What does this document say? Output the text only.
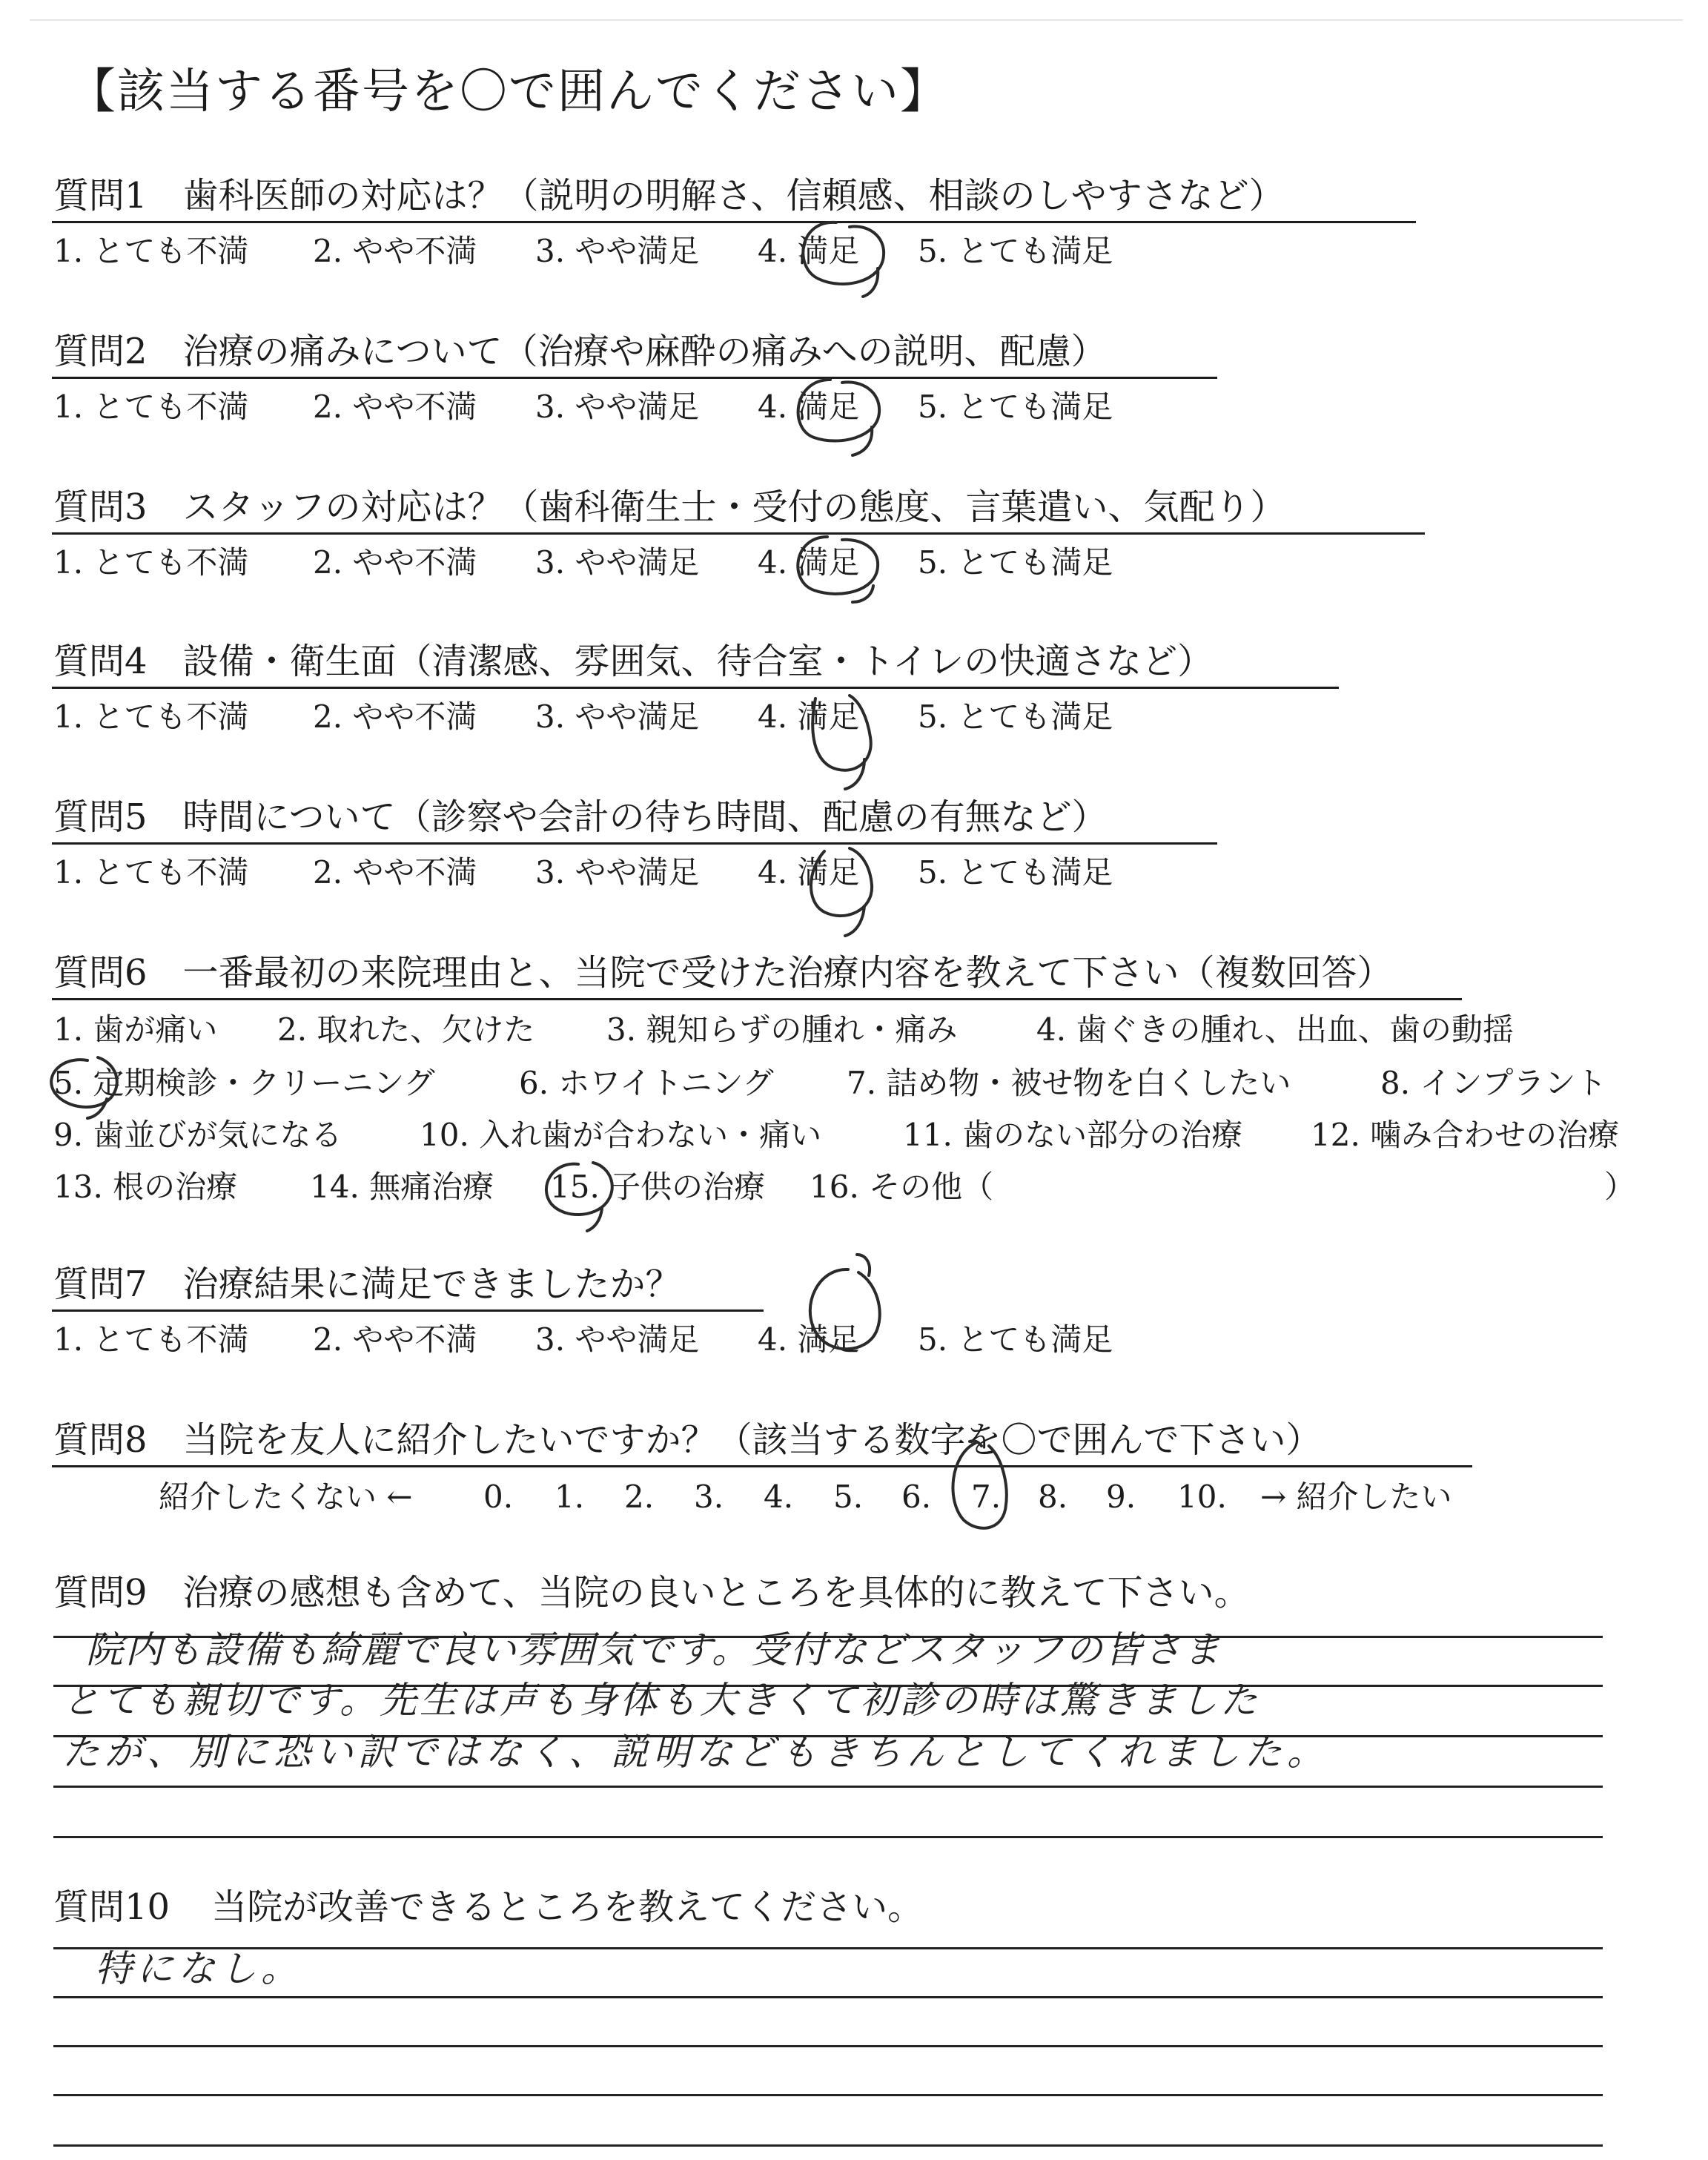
【該当する番号を〇で囲んでください】
質問1 歯科医師の対応は？（説明の明解さ、信頼感、相談のしやすさなど）
1. とても不満 2. やや不満 3. やや満足 4. 満足 5. とても満足
質問2 治療の痛みについて（治療や麻酔の痛みへの説明、配慮）
1. とても不満 2. やや不満 3. やや満足 4. 満足 5. とても満足
質問3 スタッフの対応は？（歯科衛生士・受付の態度、言葉遣い、気配り）
1. とても不満 2. やや不満 3. やや満足 4. 満足 5. とても満足
質問4 設備・衛生面（清潔感、雰囲気、待合室・トイレの快適さなど）
1. とても不満 2. やや不満 3. やや満足 4. 満足 5. とても満足
質問5 時間について（診察や会計の待ち時間、配慮の有無など）
1. とても不満 2. やや不満 3. やや満足 4. 満足 5. とても満足
質問6 一番最初の来院理由と、当院で受けた治療内容を教えて下さい（複数回答）
1. 歯が痛い 2. 取れた、欠けた 3. 親知らずの腫れ・痛み	4. 歯ぐきの腫れ、出血、歯の動揺
5. 定期検診・クリーニング	6. ホワイトニング 7. 詰め物・被せ物を白くしたい	8. インプラント
9. 歯並びが気になる 10. 入れ歯が合わない・痛い	11. 歯のない部分の治療 12. 噛み合わせの治療
13. 根の治療 14. 無痛治療 15. 子供の治療 16. その他（	）
質問7 治療結果に満足できましたか？
1. とても不満 2. やや不満 3. やや満足 4. 満足 5. とても満足
質問8 当院を友人に紹介したいですか？（該当する数字を〇で囲んで下さい）
紹介したくない ← 0. 1. 2. 3. 4. 5. 6. 7. 8. 9. 10. → 紹介したい
質問9 治療の感想も含めて、当院の良いところを具体的に教えて下さい。
院内も設備も綺麗で良い雰囲気です。受付などスタッフの皆さま
とても親切です。先生は声も身体も大きくて初診の時は驚きました
たが、別に恐い訳ではなく、説明などもきちんとしてくれました。
質問10 当院が改善できるところを教えてください。
特になし。
